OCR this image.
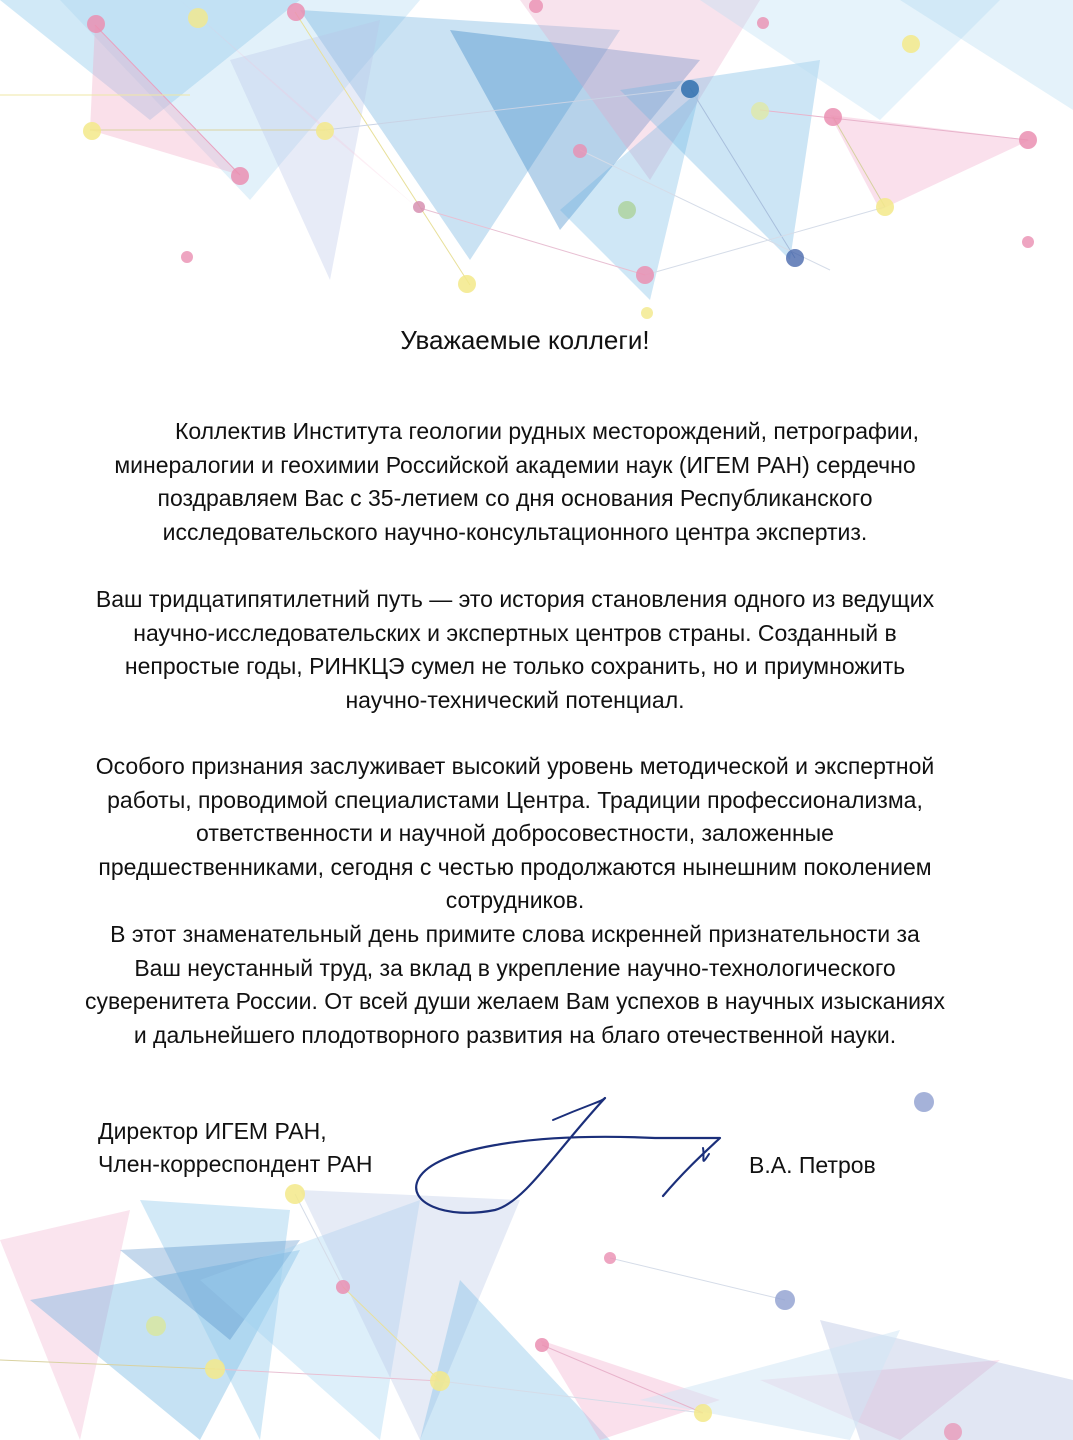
Уважаемые коллеги!
Коллектив Института геологии рудных месторождений, петрографии,
минералогии и геохимии Российской академии наук (ИГЕМ РАН) сердечно
поздравляем Вас с 35-летием со дня основания Республиканского
исследовательского научно-консультационного центра экспертиз.
Ваш тридцатипятилетний путь — это история становления одного из ведущих
научно-исследовательских и экспертных центров страны. Созданный в
непростые годы, РИНКЦЭ сумел не только сохранить, но и приумножить
научно-технический потенциал.
Особого признания заслуживает высокий уровень методической и экспертной
работы, проводимой специалистами Центра. Традиции профессионализма,
ответственности и научной добросовестности, заложенные
предшественниками, сегодня с честью продолжаются нынешним поколением
сотрудников.
В этот знаменательный день примите слова искренней признательности за
Ваш неустанный труд, за вклад в укрепление научно-технологического
суверенитета России. От всей души желаем Вам успехов в научных изысканиях
и дальнейшего плодотворного развития на благо отечественной науки.
Директор ИГЕМ РАН,
Член-корреспондент РАН	В.А. Петров
